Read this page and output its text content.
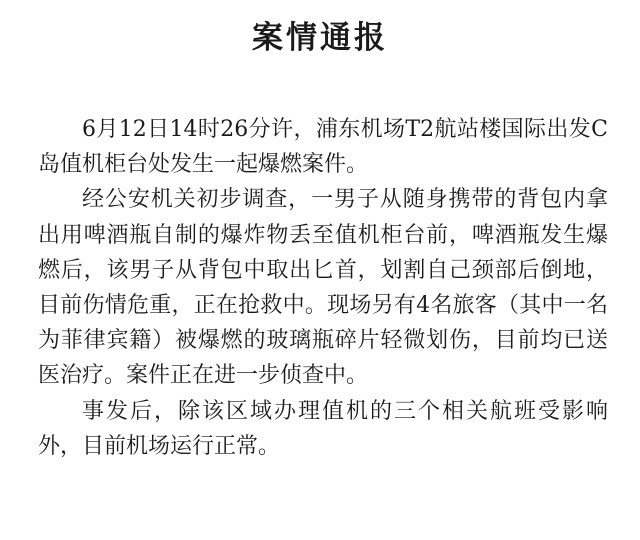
案情通报

6月12日14时26分许，浦东机场T2航站楼国际出发C岛值机柜台处发生一起爆燃案件。

经公安机关初步调查，一男子从随身携带的背包内拿出用啤酒瓶自制的爆炸物丢至值机柜台前，啤酒瓶发生爆燃后，该男子从背包中取出匕首，划割自己颈部后倒地，目前伤情危重，正在抢救中。现场另有4名旅客（其中一名为菲律宾籍）被爆燃的玻璃瓶碎片轻微划伤，目前均已送医治疗。案件正在进一步侦查中。

事发后，除该区域办理值机的三个相关航班受影响外，目前机场运行正常。
